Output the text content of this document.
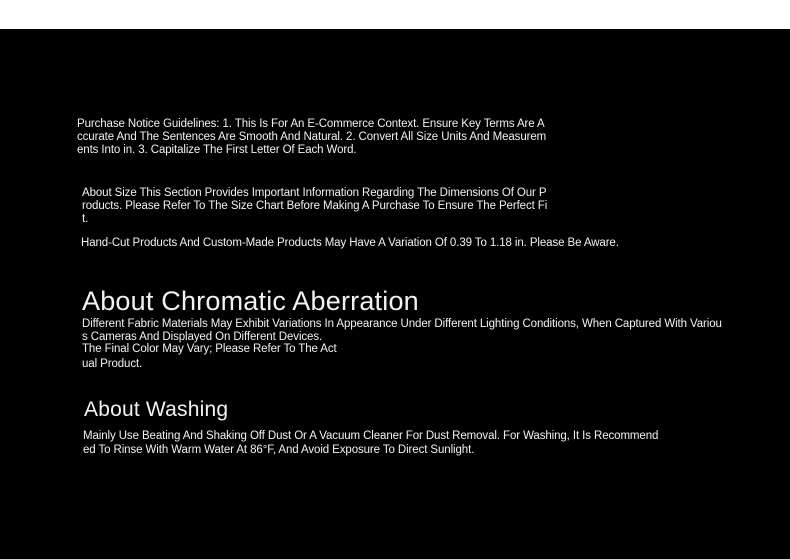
Purchase Notice Guidelines: 1. This Is For An E-Commerce Context. Ensure Key Terms Are Accurate And The Sentences Are Smooth And Natural. 2. Convert All Size Units And Measurements Into in. 3. Capitalize The First Letter Of Each Word.

About Size This Section Provides Important Information Regarding The Dimensions Of Our Products. Please Refer To The Size Chart Before Making A Purchase To Ensure The Perfect Fit.

Hand-Cut Products And Custom-Made Products May Have A Variation Of 0.39 To 1.18 in. Please Be Aware.

About Chromatic Aberration

Different Fabric Materials May Exhibit Variations In Appearance Under Different Lighting Conditions, When Captured With Various Cameras And Displayed On Different Devices.

The Final Color May Vary; Please Refer To The Actual Product.

About Washing

Mainly Use Beating And Shaking Off Dust Or A Vacuum Cleaner For Dust Removal. For Washing, It Is Recommended To Rinse With Warm Water At 86°F, And Avoid Exposure To Direct Sunlight.
